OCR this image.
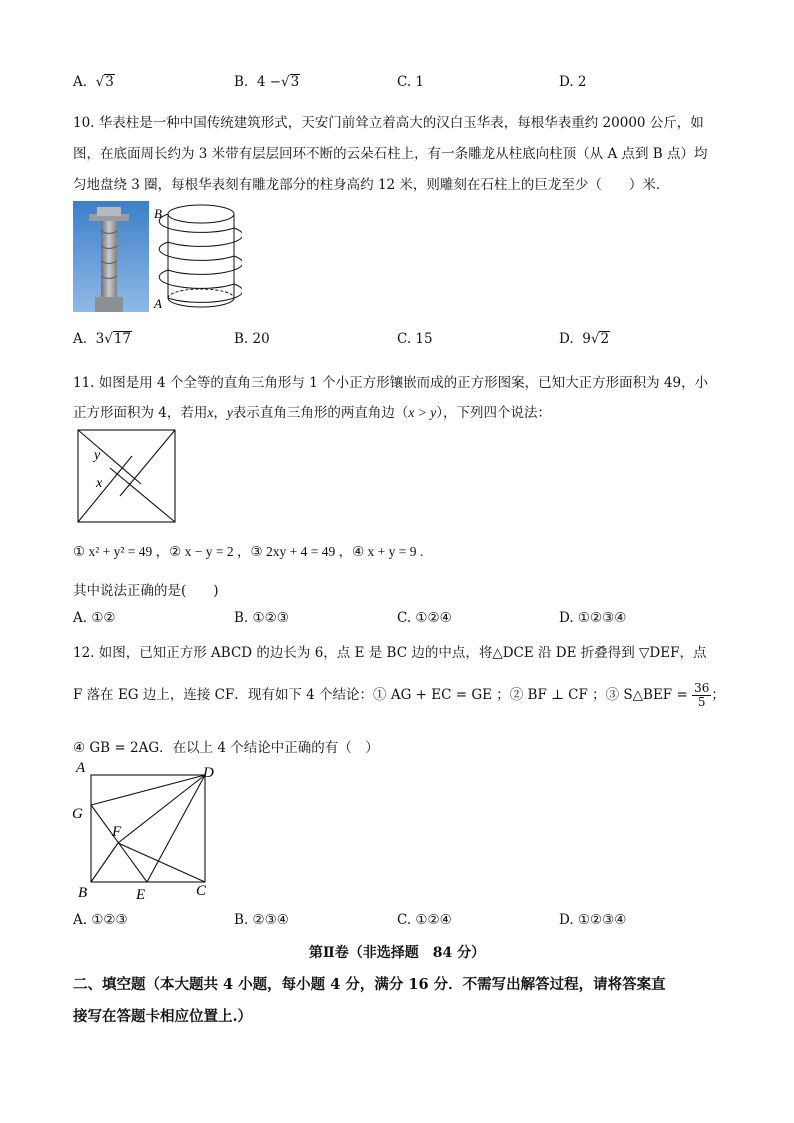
A.  √3	B. 4 −√3	C. 1	D. 2
10. 华表柱是一种中国传统建筑形式，天安门前耸立着高大的汉白玉华表，每根华表重约 20000 公斤，如
图，在底面周长约为 3 米带有层层回环不断的云朵石柱上，有一条雕龙从柱底向柱顶（从 A 点到 B 点）均
匀地盘绕 3 圈，每根华表刻有雕龙部分的柱身高约 12 米，则雕刻在石柱上的巨龙至少（　　）米．
B
A
A. 3√17	B. 20	C. 15	D. 9√2
11. 如图是用 4 个全等的直角三角形与 1 个小正方形镶嵌而成的正方形图案，已知大正方形面积为 49，小
正方形面积为 4，若用x，y表示直角三角形的两直角边（x > y），下列四个说法：
y
x
① x² + y² = 49 ，② x − y = 2 ，③ 2xy + 4 = 49 ，④ x + y = 9 .
其中说法正确的是(　　)
A. ①②	B. ①②③	C. ①②④	D. ①②③④
12. 如图，已知正方形 ABCD 的边长为 6，点 E 是 BC 边的中点，将△DCE 沿 DE 折叠得到 ▽DEF，点
F 落在 EG 边上，连接 CF．现有如下 4 个结论：① AG + EC = GE ；② BF ⊥ CF ；③ S△BEF = $\frac{36}{5}$ ；
④ GB = 2AG．在以上 4 个结论中正确的有（　）
A	D
G
F
B	E	C
A. ①②③	B. ②③④	C. ①②④	D. ①②③④
第Ⅱ卷（非选择题　84 分）
二、填空题（本大题共 4 小题，每小题 4 分，满分 16 分．不需写出解答过程，请将答案直
接写在答题卡相应位置上.）
